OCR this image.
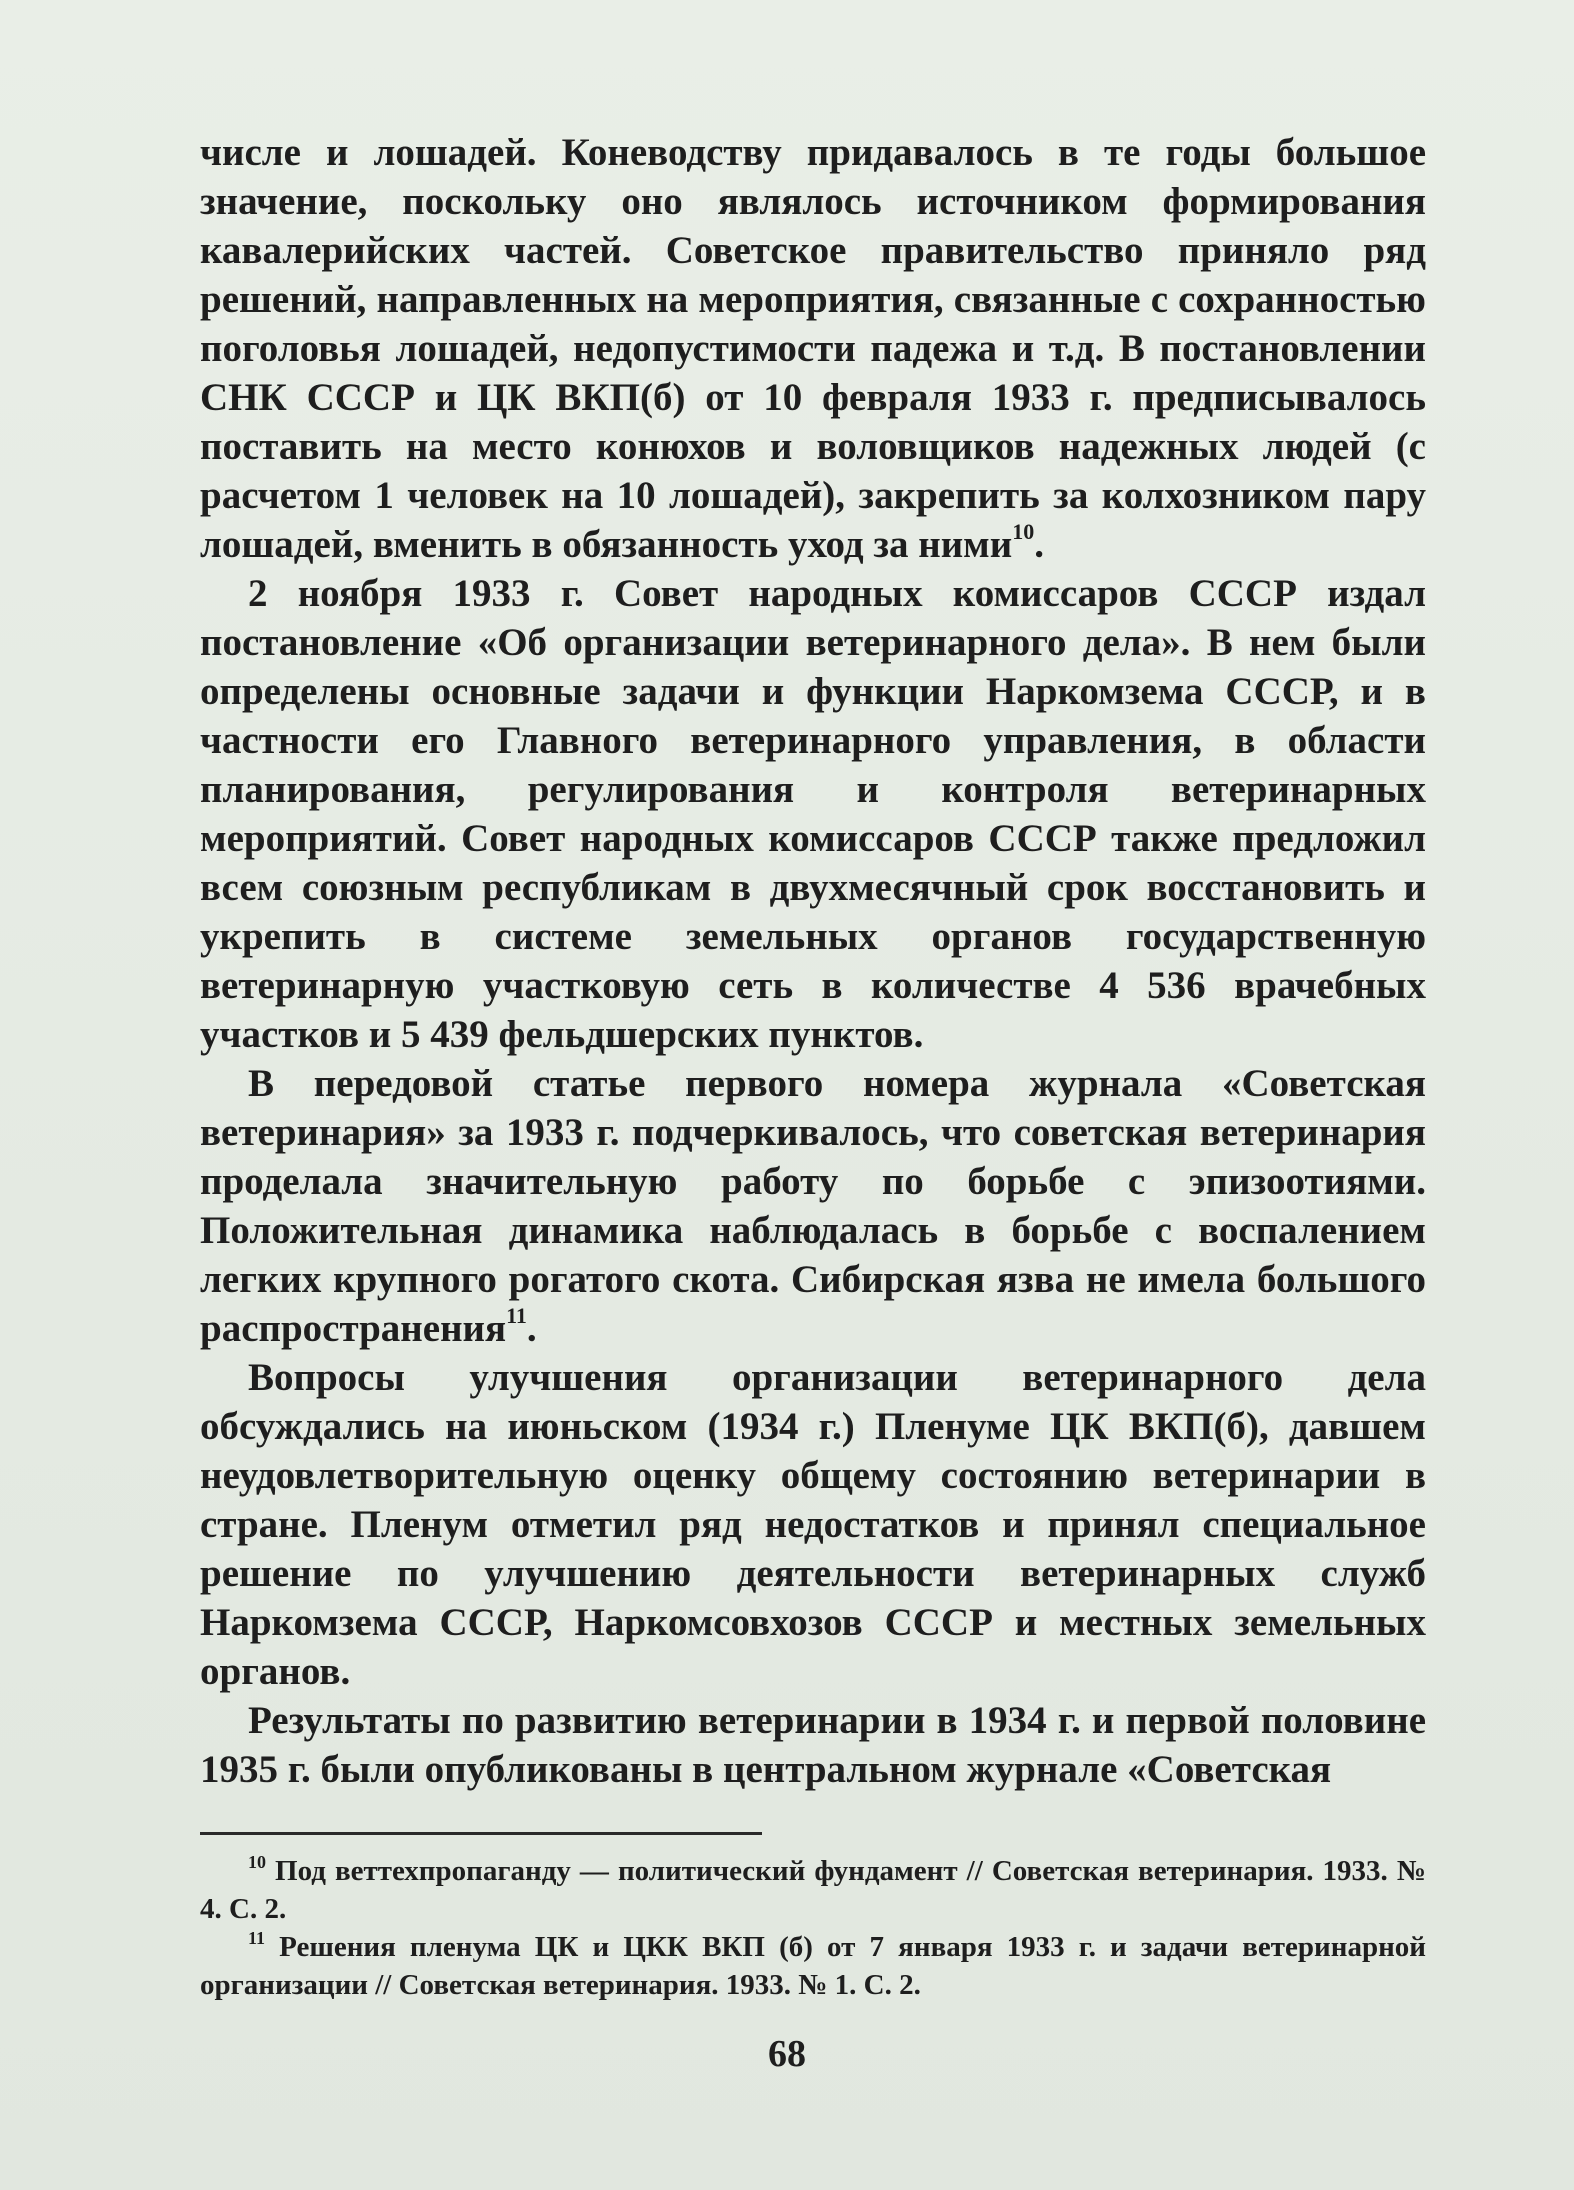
числе и лошадей. Коневодству придавалось в те годы большое значение, поскольку оно являлось источником формирования кавалерийских частей. Советское правительство приняло ряд решений, направленных на мероприятия, связанные с сохранностью поголовья лошадей, недопустимости падежа и т.д. В постановлении СНК СССР и ЦК ВКП(б) от 10 февраля 1933 г. предписывалось поставить на место конюхов и воловщиков надежных людей (с расчетом 1 человек на 10 лошадей), закрепить за колхозником пару лошадей, вменить в обязанность уход за ними$^{10}$.

2 ноября 1933 г. Совет народных комиссаров СССР издал постановление «Об организации ветеринарного дела». В нем были определены основные задачи и функции Наркомзема СССР, и в частности его Главного ветеринарного управления, в области планирования, регулирования и контроля ветеринарных мероприятий. Совет народных комиссаров СССР также предложил всем союзным республикам в двухмесячный срок восстановить и укрепить в системе земельных органов государственную ветеринарную участковую сеть в количестве 4 536 врачебных участков и 5 439 фельдшерских пунктов.

В передовой статье первого номера журнала «Советская ветеринария» за 1933 г. подчеркивалось, что советская ветеринария проделала значительную работу по борьбе с эпизоотиями. Положительная динамика наблюдалась в борьбе с воспалением легких крупного рогатого скота. Сибирская язва не имела большого распространения$^{11}$.

Вопросы улучшения организации ветеринарного дела обсуждались на июньском (1934 г.) Пленуме ЦК ВКП(б), давшем неудовлетворительную оценку общему состоянию ветеринарии в стране. Пленум отметил ряд недостатков и принял специальное решение по улучшению деятельности ветеринарных служб Наркомзема СССР, Наркомсовхозов СССР и местных земельных органов.

Результаты по развитию ветеринарии в 1934 г. и первой половине 1935 г. были опубликованы в центральном журнале «Советская

$^{10}$ Под веттехпропаганду — политический фундамент // Советская ветеринария. 1933. № 4. С. 2.

$^{11}$ Решения пленума ЦК и ЦКК ВКП (б) от 7 января 1933 г. и задачи ветеринарной организации // Советская ветеринария. 1933. № 1. С. 2.

68
